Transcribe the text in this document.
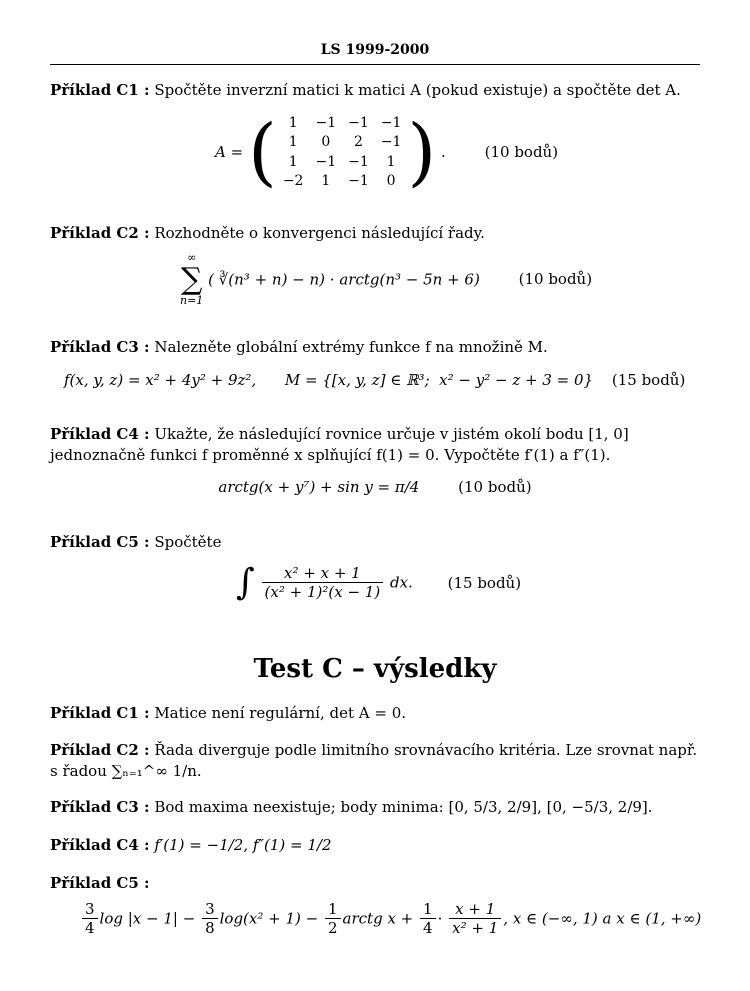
LS 1999-2000
Příklad C1 : Spočtěte inverzní matici k matici A (pokud existuje) a spočtěte det A.
A = ( 1	−1	−1	−1
1	0	2	−1
1	−1	−1	1
−2	1	−1	0 ) .	(10 bodů)
Příklad C2 : Rozhodněte o konvergenci následující řady.
∞
∑
n=1
( ∛(n³ + n) − n) · arctg(n³ − 5n + 6)	(10 bodů)
Příklad C3 : Nalezněte globální extrémy funkce f na množině M.
f(x, y, z) = x² + 4y² + 9z²,      M = {[x, y, z] ∈ ℝ³;  x² − y² − z + 3 = 0} (15 bodů)
Příklad C4 : Ukažte, že následující rovnice určuje v jistém okolí bodu [1, 0] jednoznačně funkci f proměnné x splňující f(1) = 0. Vypočtěte f′(1) a f″(1).
arctg(x + y⁷) + sin y = π/4	(10 bodů)
Příklad C5 : Spočtěte
∫ $\frac{\text{x² + x + 1}}{\text{(x² + 1)²(x − 1)}}$ dx. (15 bodů)
Test C – výsledky
Příklad C1 : Matice není regulární, det A = 0.
Příklad C2 : Řada diverguje podle limitního srovnávacího kritéria. Lze srovnat např. s řadou ∑ₙ₌₁^∞ 1/n.
Příklad C3 : Bod maxima neexistuje; body minima: [0, 5/3, 2/9], [0, −5/3, 2/9].
Příklad C4 : f′(1) = −1/2, f″(1) = 1/2
Příklad C5 :
$\frac{3}{4}$ $\log |x - 1| - \frac{3}{8} \log(x^2 + 1) - \frac{1}{2}$ arctg $x + \frac{1}{4} \cdot \frac{x + 1}{\text{x² + 1}}$ , x ∈ (−∞, 1) a x ∈ (1, +∞)
